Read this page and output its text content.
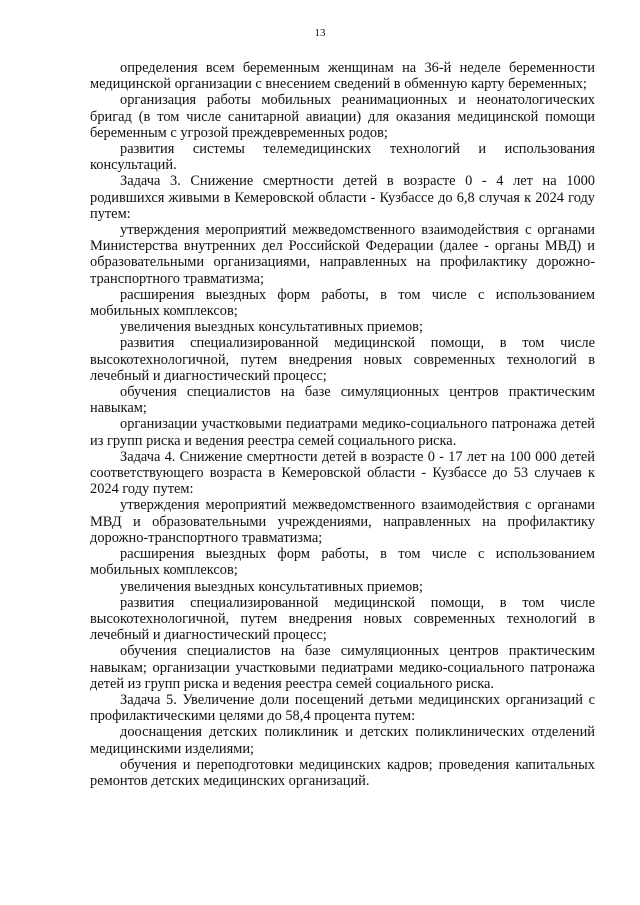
13

определения всем беременным женщинам на 36-й неделе беременности медицинской организации с внесением сведений в обменную карту беременных;

организация работы мобильных реанимационных и неонатологических бригад (в том числе санитарной авиации) для оказания медицинской помощи беременным с угрозой преждевременных родов;

развития системы телемедицинских технологий и использования консультаций.

Задача 3. Снижение смертности детей в возрасте 0 - 4 лет на 1000 родившихся живыми в Кемеровской области - Кузбассе до 6,8 случая к 2024 году путем:

утверждения мероприятий межведомственного взаимодействия с органами Министерства внутренних дел Российской Федерации (далее - органы МВД) и образовательными организациями, направленных на профилактику дорожно-транспортного травматизма;

расширения выездных форм работы, в том числе с использованием мобильных комплексов;

увеличения выездных консультативных приемов;

развития специализированной медицинской помощи, в том числе высокотехнологичной, путем внедрения новых современных технологий в лечебный и диагностический процесс;

обучения специалистов на базе симуляционных центров практическим навыкам;

организации участковыми педиатрами медико-социального патронажа детей из групп риска и ведения реестра семей социального риска.

Задача 4. Снижение смертности детей в возрасте 0 - 17 лет на 100 000 детей соответствующего возраста в Кемеровской области - Кузбассе до 53 случаев к 2024 году путем:

утверждения мероприятий межведомственного взаимодействия с органами МВД и образовательными учреждениями, направленных на профилактику дорожно-транспортного травматизма;

расширения выездных форм работы, в том числе с использованием мобильных комплексов;

увеличения выездных консультативных приемов;

развития специализированной медицинской помощи, в том числе высокотехнологичной, путем внедрения новых современных технологий в лечебный и диагностический процесс;

обучения специалистов на базе симуляционных центров практическим навыкам; организации участковыми педиатрами медико-социального патронажа детей из групп риска и ведения реестра семей социального риска.

Задача 5. Увеличение доли посещений детьми медицинских организаций с профилактическими целями до 58,4 процента путем:

дооснащения детских поликлиник и детских поликлинических отделений медицинскими изделиями;

обучения и переподготовки медицинских кадров; проведения капитальных ремонтов детских медицинских организаций.
